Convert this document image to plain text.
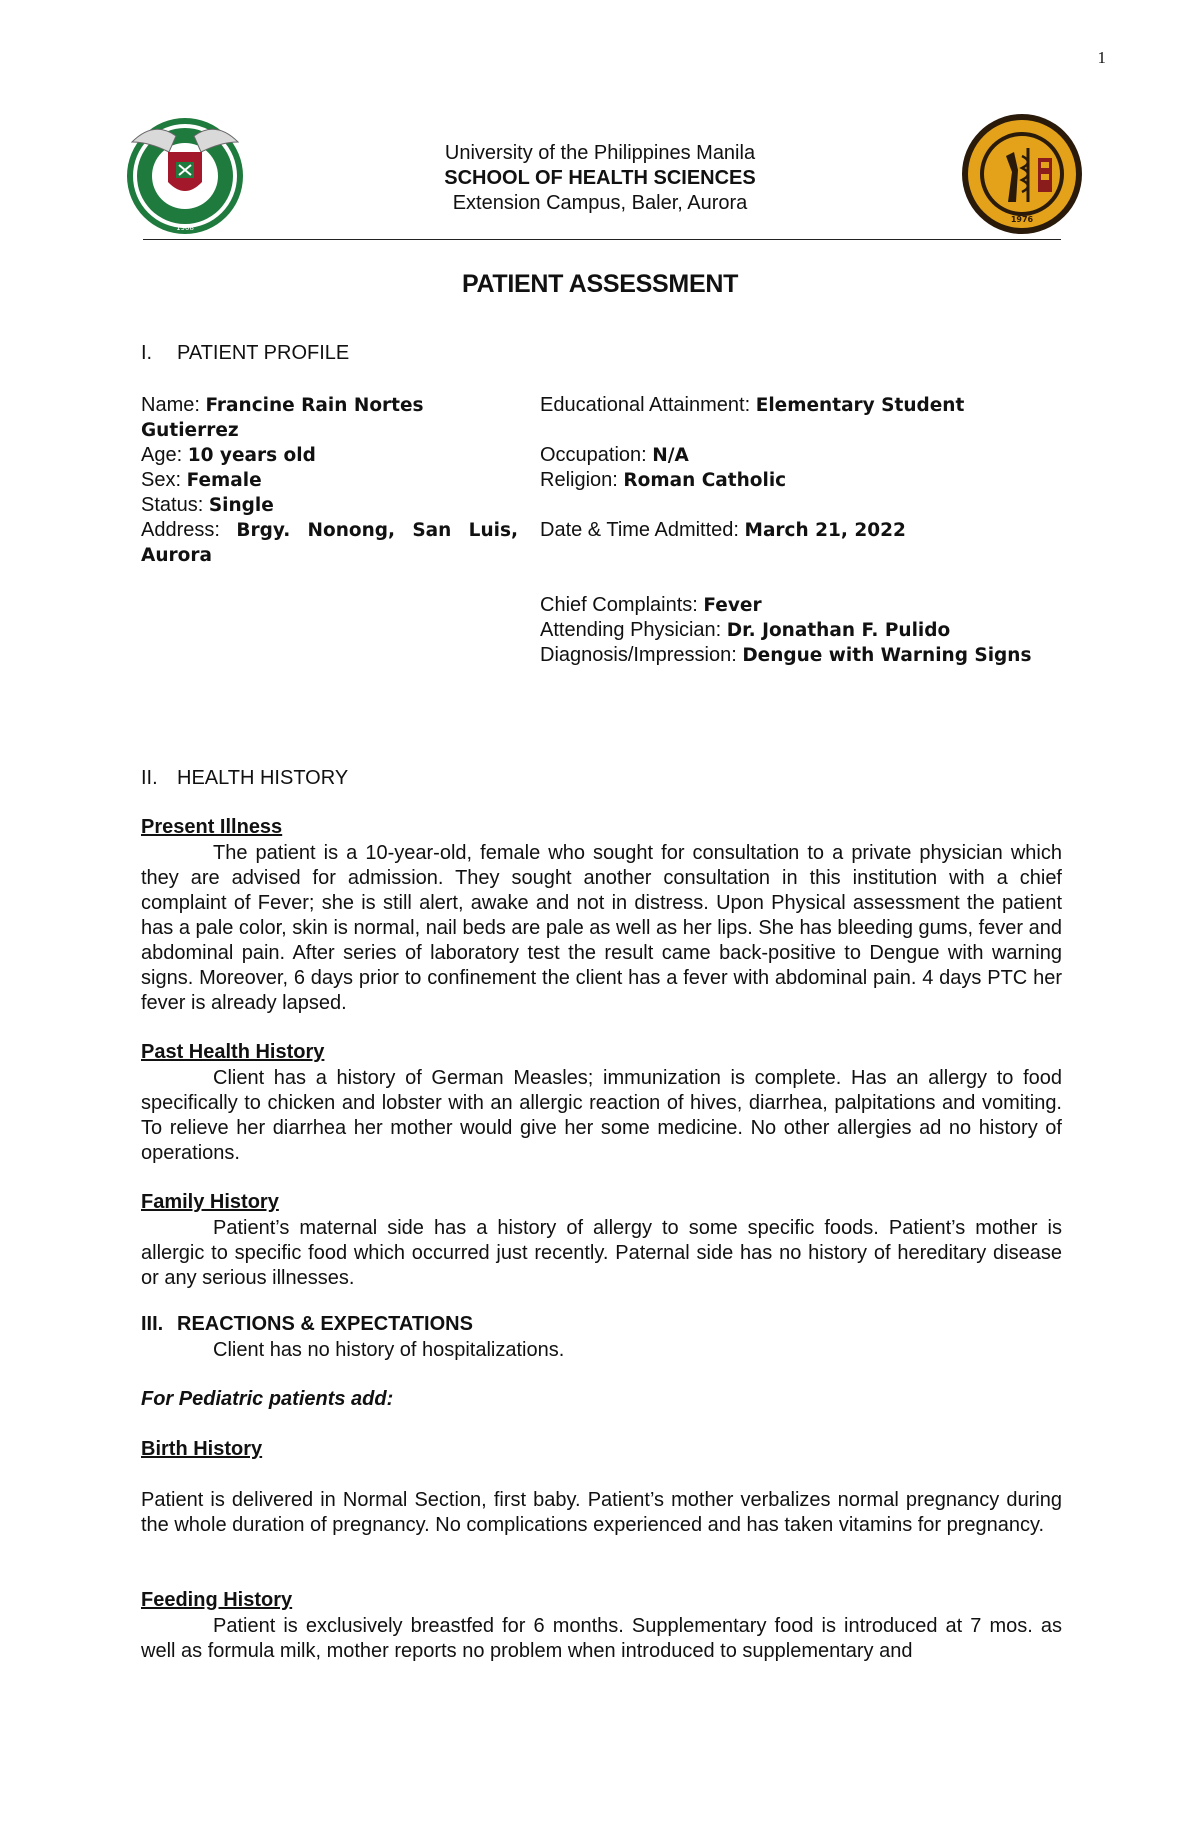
1
1908
University of the Philippines Manila
SCHOOL OF HEALTH SCIENCES
Extension Campus, Baler, Aurora
1976
PATIENT ASSESSMENT
I. PATIENT PROFILE

Name: Francine Rain Nortes Gutierrez

Age: 10 years old

Sex: Female

Status: Single

Address: Brgy. Nonong, San Luis, Aurora

Educational Attainment: Elementary Student

Occupation: N/A

Religion: Roman Catholic

Date & Time Admitted: March 21, 2022

Chief Complaints: Fever

Attending Physician: Dr. Jonathan F. Pulido

Diagnosis/Impression: Dengue with Warning Signs

II. HEALTH HISTORY
Present Illness
The patient is a 10-year-old, female who sought for consultation to a private physician which they are advised for admission. They sought another consultation in this institution with a chief complaint of Fever; she is still alert, awake and not in distress. Upon Physical assessment the patient has a pale color, skin is normal, nail beds are pale as well as her lips. She has bleeding gums, fever and abdominal pain. After series of laboratory test the result came back-positive to Dengue with warning signs. Moreover, 6 days prior to confinement the client has a fever with abdominal pain. 4 days PTC her fever is already lapsed.
Past Health History
Client has a history of German Measles; immunization is complete. Has an allergy to food specifically to chicken and lobster with an allergic reaction of hives, diarrhea, palpitations and vomiting. To relieve her diarrhea her mother would give her some medicine. No other allergies ad no history of operations.
Family History
Patient’s maternal side has a history of allergy to some specific foods. Patient’s mother is allergic to specific food which occurred just recently. Paternal side has no history of hereditary disease or any serious illnesses.
III. REACTIONS & EXPECTATIONS
Client has no history of hospitalizations.
For Pediatric patients add:
Birth History
Patient is delivered in Normal Section, first baby. Patient’s mother verbalizes normal pregnancy during the whole duration of pregnancy. No complications experienced and has taken vitamins for pregnancy.
Feeding History
Patient is exclusively breastfed for 6 months. Supplementary food is introduced at 7 mos. as well as formula milk, mother reports no problem when introduced to supplementary and
